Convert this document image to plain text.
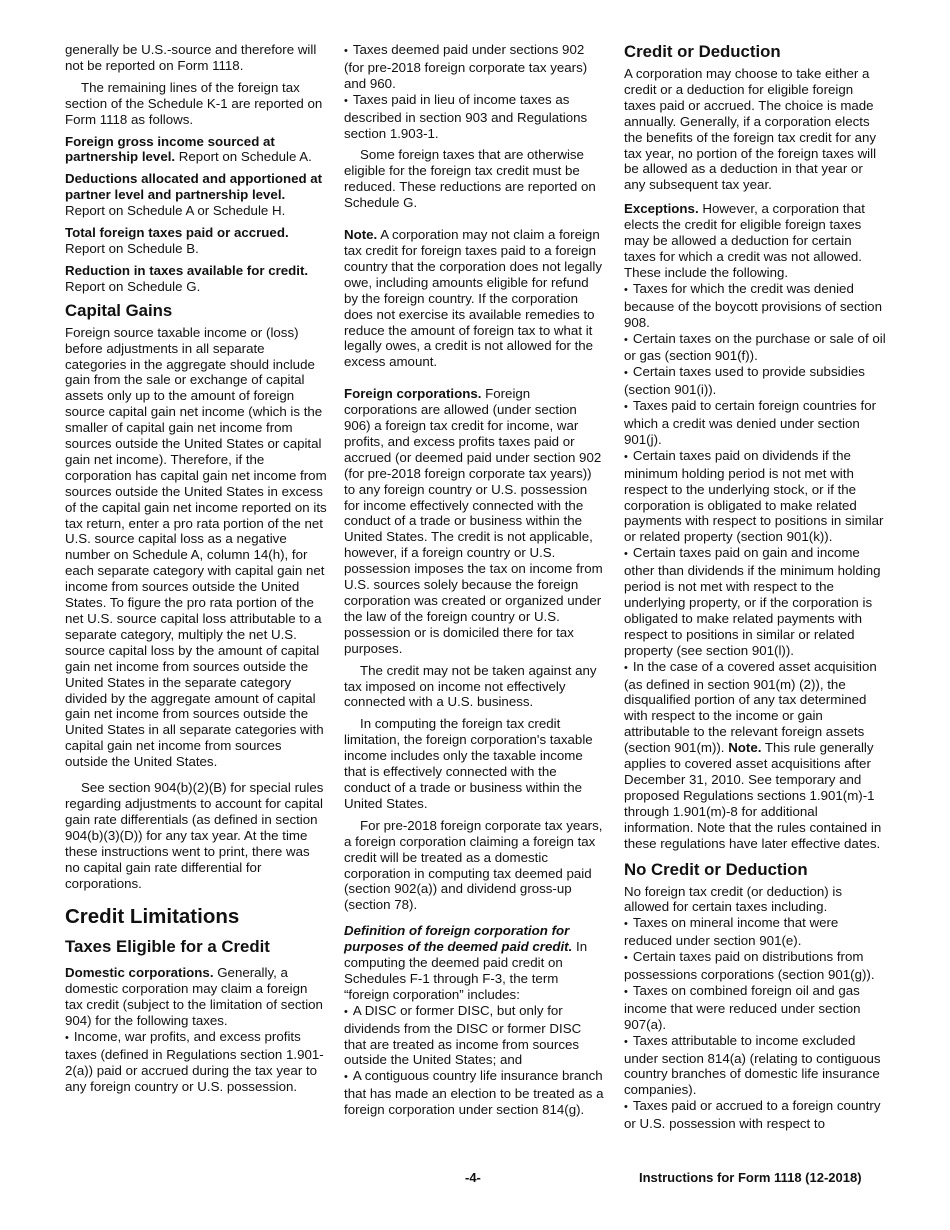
generally be U.S.-source and therefore will not be reported on Form 1118.

The remaining lines of the foreign tax section of the Schedule K-1 are reported on Form 1118 as follows.

Foreign gross income sourced at partnership level. Report on Schedule A.

Deductions allocated and apportioned at partner level and partnership level. Report on Schedule A or Schedule H.

Total foreign taxes paid or accrued. Report on Schedule B.

Reduction in taxes available for credit. Report on Schedule G.

Capital Gains

Foreign source taxable income or (loss) before adjustments in all separate categories in the aggregate should include gain from the sale or exchange of capital assets only up to the amount of foreign source capital gain net income (which is the smaller of capital gain net income from sources outside the United States or capital gain net income). Therefore, if the corporation has capital gain net income from sources outside the United States in excess of the capital gain net income reported on its tax return, enter a pro rata portion of the net U.S. source capital loss as a negative number on Schedule A, column 14(h), for each separate category with capital gain net income from sources outside the United States. To figure the pro rata portion of the net U.S. source capital loss attributable to a separate category, multiply the net U.S. source capital loss by the amount of capital gain net income from sources outside the United States in the separate category divided by the aggregate amount of capital gain net income from sources outside the United States in all separate categories with capital gain net income from sources outside the United States.

See section 904(b)(2)(B) for special rules regarding adjustments to account for capital gain rate differentials (as defined in section 904(b)(3)(D)) for any tax year. At the time these instructions went to print, there was no capital gain rate differential for corporations.

Credit Limitations
Taxes Eligible for a Credit

Domestic corporations. Generally, a domestic corporation may claim a foreign tax credit (subject to the limitation of section 904) for the following taxes.

• Income, war profits, and excess profits taxes (defined in Regulations section 1.901-2(a)) paid or accrued during the tax year to any foreign country or U.S. possession.

• Taxes deemed paid under sections 902 (for pre-2018 foreign corporate tax years) and 960.

• Taxes paid in lieu of income taxes as described in section 903 and Regulations section 1.903-1.

Some foreign taxes that are otherwise eligible for the foreign tax credit must be reduced. These reductions are reported on Schedule G.

Note. A corporation may not claim a foreign tax credit for foreign taxes paid to a foreign country that the corporation does not legally owe, including amounts eligible for refund by the foreign country. If the corporation does not exercise its available remedies to reduce the amount of foreign tax to what it legally owes, a credit is not allowed for the excess amount.

Foreign corporations. Foreign corporations are allowed (under section 906) a foreign tax credit for income, war profits, and excess profits taxes paid or accrued (or deemed paid under section 902 (for pre-2018 foreign corporate tax years)) to any foreign country or U.S. possession for income effectively connected with the conduct of a trade or business within the United States. The credit is not applicable, however, if a foreign country or U.S. possession imposes the tax on income from U.S. sources solely because the foreign corporation was created or organized under the law of the foreign country or U.S. possession or is domiciled there for tax purposes.

The credit may not be taken against any tax imposed on income not effectively connected with a U.S. business.

In computing the foreign tax credit limitation, the foreign corporation's taxable income includes only the taxable income that is effectively connected with the conduct of a trade or business within the United States.

For pre-2018 foreign corporate tax years, a foreign corporation claiming a foreign tax credit will be treated as a domestic corporation in computing tax deemed paid (section 902(a)) and dividend gross-up (section 78).

Definition of foreign corporation for purposes of the deemed paid credit. In computing the deemed paid credit on Schedules F-1 through F-3, the term “foreign corporation” includes:

• A DISC or former DISC, but only for dividends from the DISC or former DISC that are treated as income from sources outside the United States; and

• A contiguous country life insurance branch that has made an election to be treated as a foreign corporation under section 814(g).

Credit or Deduction

A corporation may choose to take either a credit or a deduction for eligible foreign taxes paid or accrued. The choice is made annually. Generally, if a corporation elects the benefits of the foreign tax credit for any tax year, no portion of the foreign taxes will be allowed as a deduction in that year or any subsequent tax year.

Exceptions. However, a corporation that elects the credit for eligible foreign taxes may be allowed a deduction for certain taxes for which a credit was not allowed. These include the following.

• Taxes for which the credit was denied because of the boycott provisions of section 908.

• Certain taxes on the purchase or sale of oil or gas (section 901(f)).

• Certain taxes used to provide subsidies (section 901(i)).

• Taxes paid to certain foreign countries for which a credit was denied under section 901(j).

• Certain taxes paid on dividends if the minimum holding period is not met with respect to the underlying stock, or if the corporation is obligated to make related payments with respect to positions in similar or related property (section 901(k)).

• Certain taxes paid on gain and income other than dividends if the minimum holding period is not met with respect to the underlying property, or if the corporation is obligated to make related payments with respect to positions in similar or related property (see section 901(l)).

• In the case of a covered asset acquisition (as defined in section 901(m) (2)), the disqualified portion of any tax determined with respect to the income or gain attributable to the relevant foreign assets (section 901(m)). Note. This rule generally applies to covered asset acquisitions after December 31, 2010. See temporary and proposed Regulations sections 1.901(m)-1 through 1.901(m)-8 for additional information. Note that the rules contained in these regulations have later effective dates.

No Credit or Deduction

No foreign tax credit (or deduction) is allowed for certain taxes including.

• Taxes on mineral income that were reduced under section 901(e).

• Certain taxes paid on distributions from possessions corporations (section 901(g)).

• Taxes on combined foreign oil and gas income that were reduced under section 907(a).

• Taxes attributable to income excluded under section 814(a) (relating to contiguous country branches of domestic life insurance companies).

• Taxes paid or accrued to a foreign country or U.S. possession with respect to

-4-	Instructions for Form 1118 (12-2018)
